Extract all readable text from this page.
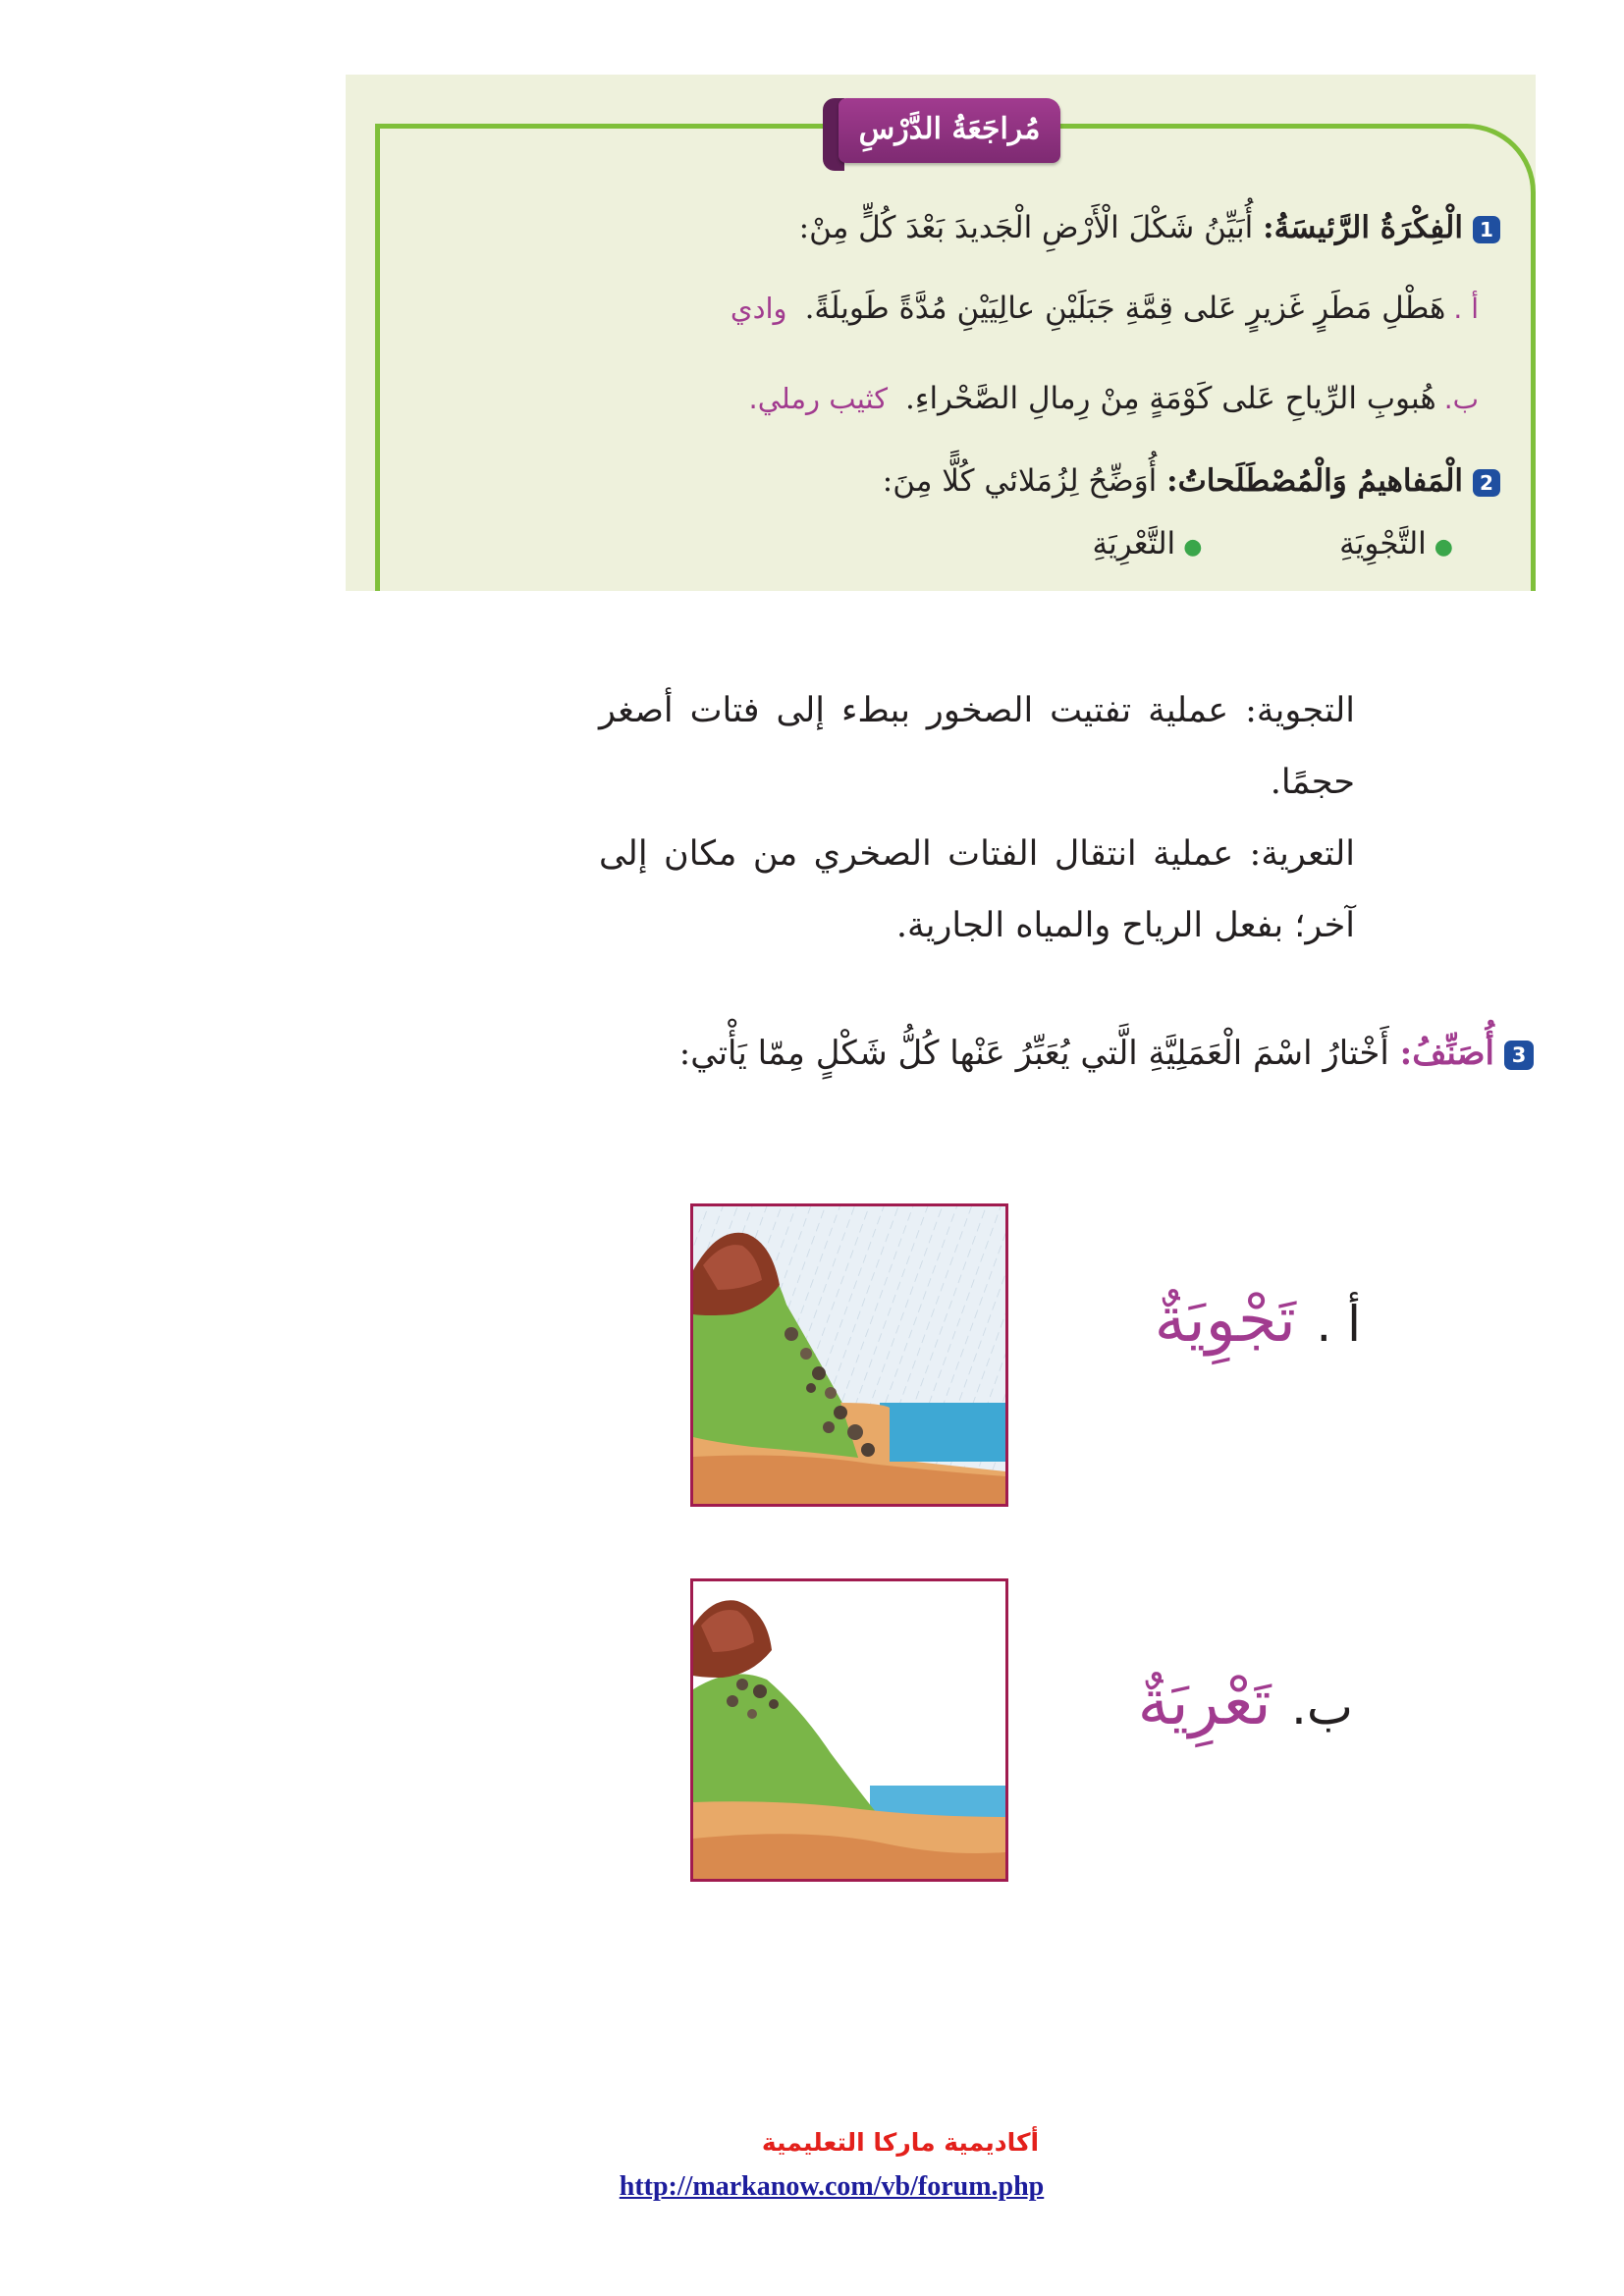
مُراجَعَةُ الدَّرْسِ
1الْفِكْرَةُ الرَّئيسَةُ: أُبَيِّنُ شَكْلَ الْأَرْضِ الْجَديدَ بَعْدَ كُلٍّ مِنْ:
أ .هَطْلِ مَطَرٍ غَزيرٍ عَلى قِمَّةِ جَبَلَيْنِ عالِيَيْنِ مُدَّةً طَويلَةً.وادي
ب.هُبوبِ الرِّياحِ عَلى كَوْمَةٍ مِنْ رِمالِ الصَّحْراءِ.كثيب رملي.
2الْمَفاهيمُ وَالْمُصْطَلَحاتُ: أُوَضِّحُ لِزُمَلائي كُلًّا مِنَ:
●التَّجْوِيَةِ  ●التَّعْرِيَةِ

التجوية: عملية تفتيت الصخور ببطء إلى فتات أصغر حجمًا.

التعرية: عملية انتقال الفتات الصخري من مكان إلى آخر؛ بفعل الرياح والمياه الجارية.

3أُصَنِّفُ: أَخْتارُ اسْمَ الْعَمَلِيَّةِ الَّتي يُعَبِّرُ عَنْها كُلُّ شَكْلٍ مِمّا يَأْتي:
أ . تَجْوِيَةٌ
ب. تَعْرِيَةٌ
أكاديمية ماركا التعليمية
http://markanow.com/vb/forum.php
